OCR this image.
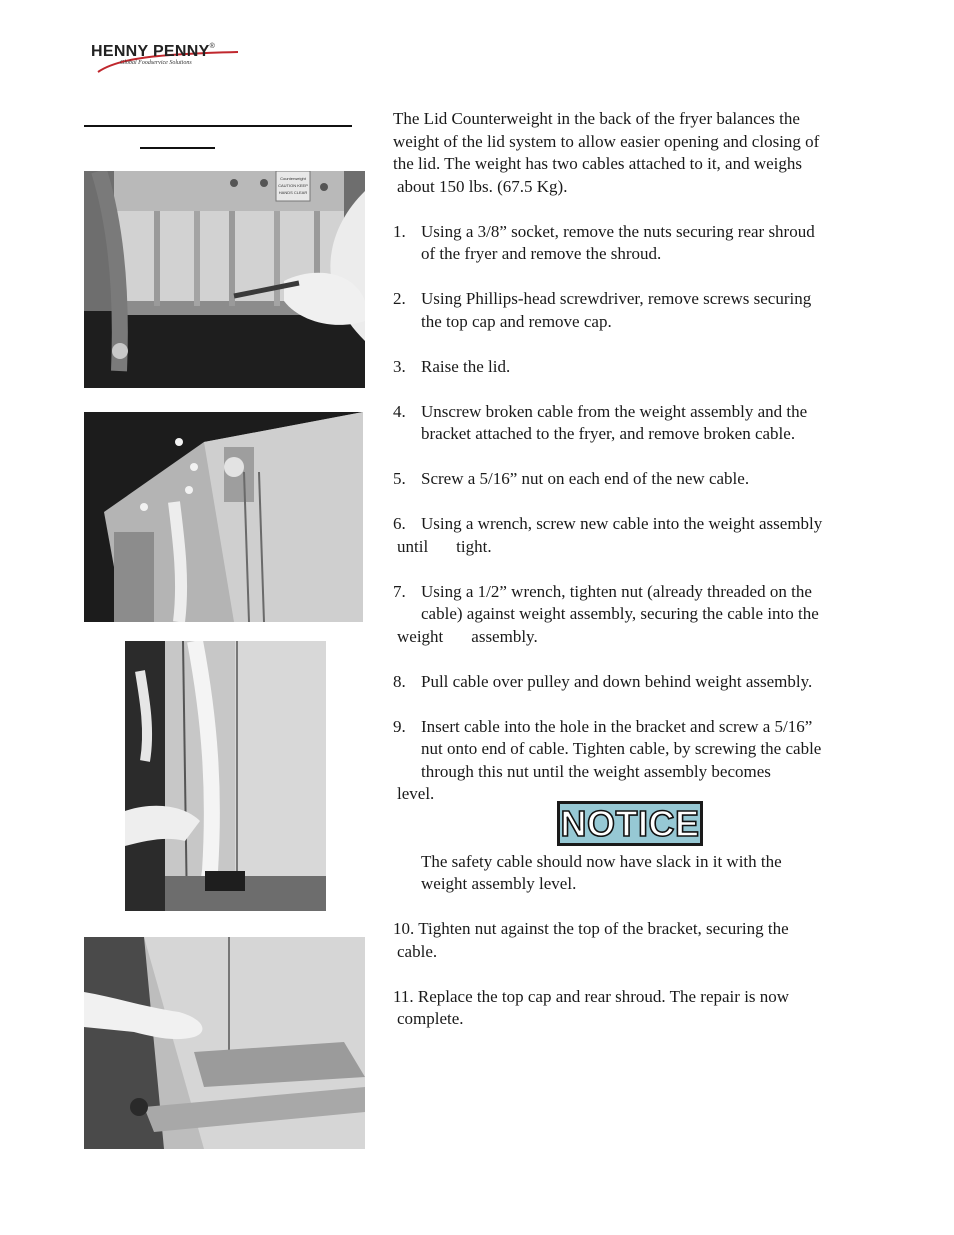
HENNY PENNY®
Global Foodservice Solutions
Counterweight
CAUTION KEEP
HANDS CLEAR

The Lid Counterweight in the back of the fryer balances the

weight of the lid system to allow easier opening and closing of

the lid. The weight has two cables attached to it, and weighs

about 150 lbs. (67.5 Kg).

1. Using a 3/8” socket, remove the nuts securing rear shroud

of the fryer and remove the shroud.

2. Using Phillips-head screwdriver, remove screws securing

the top cap and remove cap.

3. Raise the lid.

4. Unscrew broken cable from the weight assembly and the

bracket attached to the fryer, and remove broken cable.

5. Screw a 5/16” nut on each end of the new cable.

6. Using a wrench, screw new cable into the weight assembly

until tight.

7. Using a 1/2” wrench, tighten nut (already threaded on the

cable) against weight assembly, securing the cable into the

weight assembly.

8. Pull cable over pulley and down behind weight assembly.

9. Insert cable into the hole in the bracket and screw a 5/16”

nut onto end of cable. Tighten cable, by screwing the cable

through this nut until the weight assembly becomes

level.

The safety cable should now have slack in it with the

weight assembly level.

10. Tighten nut against the top of the bracket, securing the

cable.

11. Replace the top cap and rear shroud. The repair is now

complete.

NOTICE
